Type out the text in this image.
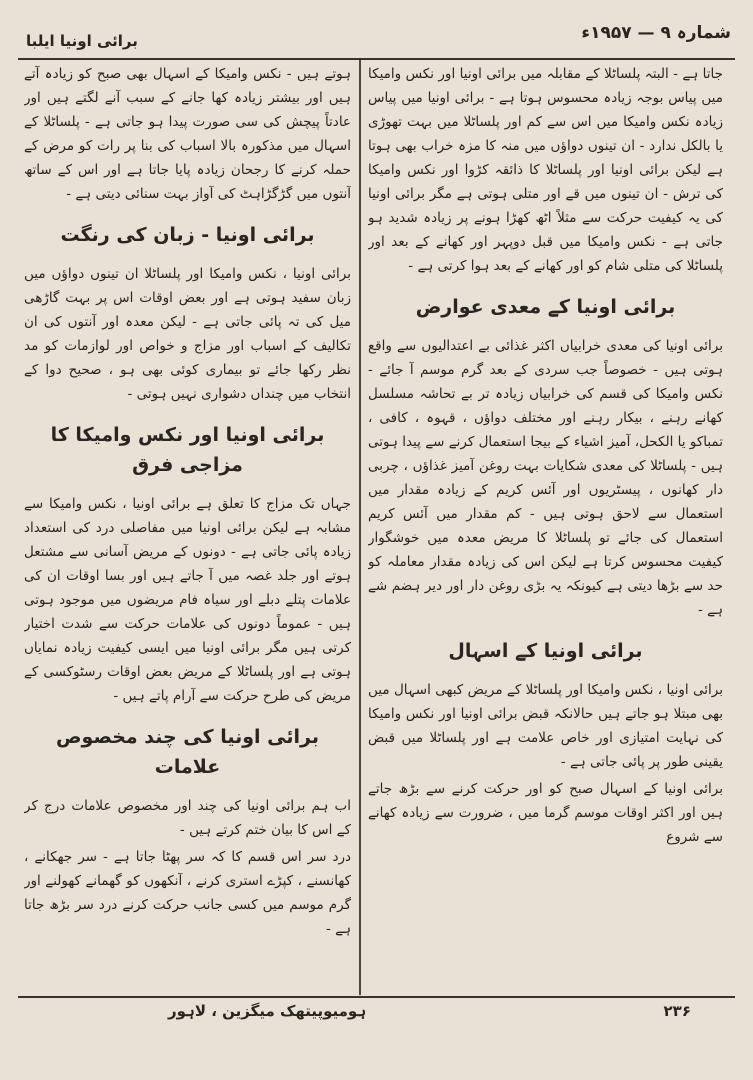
شمارہ ۹ — ۱۹۵۷ء
برائی اونیا ایلبا

جاتا ہے - البتہ پلساٹلا کے مقابلہ میں برائی اونیا اور نکس وامیکا میں پیاس بوجہ زیادہ محسوس ہوتا ہے - برائی اونیا میں پیاس زیادہ نکس وامیکا میں اس سے کم اور پلساٹلا میں بہت تھوڑی یا بالکل ندارد - ان تینوں دواؤں میں منہ کا مزہ خراب بھی ہوتا ہے لیکن برائی اونیا اور پلساٹلا کا ذائقہ کڑوا اور نکس وامیکا کی ترش - ان تینوں میں قے اور متلی ہوتی ہے مگر برائی اونیا کی یہ کیفیت حرکت سے مثلاً اٹھ کھڑا ہونے پر زیادہ شدید ہو جاتی ہے - نکس وامیکا میں قبل دوپہر اور کھانے کے بعد اور پلساٹلا کی متلی شام کو اور کھانے کے بعد ہوا کرتی ہے -

برائی اونیا کے معدی عوارض

برائی اونیا کی معدی خرابیاں اکثر غذائی بے اعتدالیوں سے واقع ہوتی ہیں - خصوصاً جب سردی کے بعد گرم موسم آ جائے - نکس وامیکا کی قسم کی خرابیاں زیادہ تر بے تحاشہ مسلسل کھانے رہنے ، بیکار رہنے اور مختلف دواؤں ، قہوہ ، کافی ، تمباکو یا الکحل، آمیز اشیاء کے بیجا استعمال کرنے سے پیدا ہوتی ہیں - پلساٹلا کی معدی شکایات بہت روغن آمیز غذاؤں ، چربی دار کھانوں ، پیسٹریوں اور آئس کریم کے زیادہ مقدار میں استعمال سے لاحق ہوتی ہیں - کم مقدار میں آئس کریم استعمال کی جائے تو پلساٹلا کا مریض معدہ میں خوشگوار کیفیت محسوس کرتا ہے لیکن اس کی زیادہ مقدار معاملہ کو حد سے بڑھا دیتی ہے کیونکہ یہ بڑی روغن دار اور دیر ہضم شے ہے -

برائی اونیا کے اسہال

برائی اونیا ، نکس وامیکا اور پلساٹلا کے مریض کبھی اسہال میں بھی مبتلا ہو جاتے ہیں حالانکہ قبض برائی اونیا اور نکس وامیکا کی نہایت امتیازی اور خاص علامت ہے اور پلساٹلا میں قبض یقینی طور پر پائی جاتی ہے -

برائی اونیا کے اسہال صبح کو اور حرکت کرنے سے بڑھ جاتے ہیں اور اکثر اوقات موسم گرما میں ، ضرورت سے زیادہ کھانے سے شروع

ہوتے ہیں - نکس وامیکا کے اسہال بھی صبح کو زیادہ آتے ہیں اور بیشتر زیادہ کھا جانے کے سبب آنے لگتے ہیں اور عادتاً پیچش کی سی صورت پیدا ہو جاتی ہے - پلساٹلا کے اسہال میں مذکورہ بالا اسباب کی بنا پر رات کو مرض کے حملہ کرنے کا رجحان زیادہ پایا جاتا ہے اور اس کے ساتھ آنتوں میں گڑگڑاہٹ کی آواز بہت سنائی دیتی ہے -

برائی اونیا - زبان کی رنگت

برائی اونیا ، نکس وامیکا اور پلساٹلا ان تینوں دواؤں میں زبان سفید ہوتی ہے اور بعض اوقات اس پر بہت گاڑھی میل کی تہ پائی جاتی ہے - لیکن معدہ اور آنتوں کی ان تکالیف کے اسباب اور مزاج و خواص اور لوازمات کو مد نظر رکھا جائے تو بیماری کوئی بھی ہو ، صحیح دوا کے انتخاب میں چنداں دشواری نہیں ہوتی -

برائی اونیا اور نکس وامیکا کا
مزاجی فرق

جہاں تک مزاج کا تعلق ہے برائی اونیا ، نکس وامیکا سے مشابہ ہے لیکن برائی اونیا میں مفاصلی درد کی استعداد زیادہ پائی جاتی ہے - دونوں کے مریض آسانی سے مشتعل ہوتے اور جلد غصہ میں آ جاتے ہیں اور بسا اوقات ان کی علامات پتلے دبلے اور سیاہ فام مریضوں میں موجود ہوتی ہیں - عموماً دونوں کی علامات حرکت سے شدت اختیار کرتی ہیں مگر برائی اونیا میں ایسی کیفیت زیادہ نمایاں ہوتی ہے اور پلساٹلا کے مریض بعض اوقات رسٹوکسی کے مریض کی طرح حرکت سے آرام پاتے ہیں -

برائی اونیا کی چند مخصوص علامات

اب ہم برائی اونیا کی چند اور مخصوص علامات درج کر کے اس کا بیان ختم کرتے ہیں -

درد سر اس قسم کا کہ سر پھٹا جاتا ہے - سر جھکانے ، کھانسنے ، کپڑے استری کرنے ، آنکھوں کو گھمانے کھولنے اور گرم موسم میں کسی جانب حرکت کرنے درد سر بڑھ جاتا ہے -

۲۳۶
ہومیوپیتھک میگزین ، لاہور
